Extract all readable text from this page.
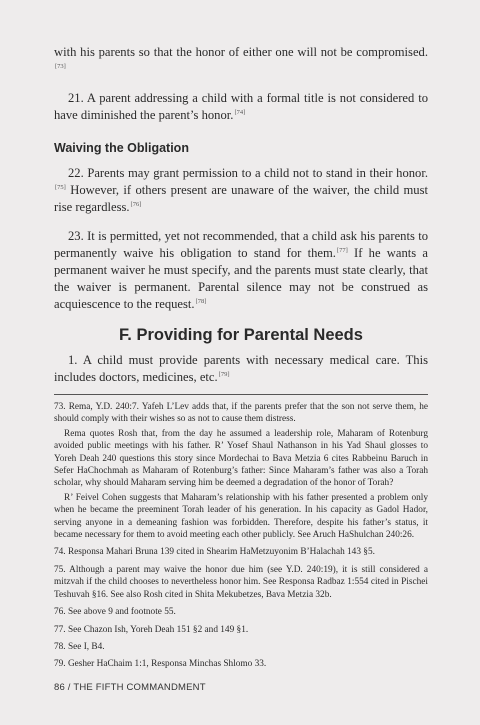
with his parents so that the honor of either one will not be compromised.[73]

21. A parent addressing a child with a formal title is not considered to have diminished the parent’s honor.[74]

Waiving the Obligation

22. Parents may grant permission to a child not to stand in their honor.[75] However, if others present are unaware of the waiver, the child must rise regardless.[76]

23. It is permitted, yet not recommended, that a child ask his parents to permanently waive his obligation to stand for them.[77] If he wants a permanent waiver he must specify, and the parents must state clearly, that the waiver is permanent. Parental silence may not be construed as acquiescence to the request.[78]

F. Providing for Parental Needs

1. A child must provide parents with necessary medical care. This includes doctors, medicines, etc.[79]

73. Rema, Y.D. 240:7. Yafeh L’Lev adds that, if the parents prefer that the son not serve them, he should comply with their wishes so as not to cause them distress.

Rema quotes Rosh that, from the day he assumed a leadership role, Maharam of Rotenburg avoided public meetings with his father. R’ Yosef Shaul Nathanson in his Yad Shaul glosses to Yoreh Deah 240 questions this story since Mordechai to Bava Metzia 6 cites Rabbeinu Baruch in Sefer HaChochmah as Maharam of Rotenburg’s father: Since Maharam’s father was also a Torah scholar, why should Maharam serving him be deemed a degradation of the honor of Torah?

R’ Feivel Cohen suggests that Maharam’s relationship with his father presented a problem only when he became the preeminent Torah leader of his generation. In his capacity as Gadol Hador, serving anyone in a demeaning fashion was forbidden. Therefore, despite his father’s status, it became necessary for them to avoid meeting each other publicly. See Aruch HaShulchan 240:26.

74. Responsa Mahari Bruna 139 cited in Shearim HaMetzuyonim B’Halachah 143 §5.

75. Although a parent may waive the honor due him (see Y.D. 240:19), it is still considered a mitzvah if the child chooses to nevertheless honor him. See Responsa Radbaz 1:554 cited in Pischei Teshuvah §16. See also Rosh cited in Shita Mekubetzes, Bava Metzia 32b.

76. See above 9 and footnote 55.

77. See Chazon Ish, Yoreh Deah 151 §2 and 149 §1.

78. See I, B4.

79. Gesher HaChaim 1:1, Responsa Minchas Shlomo 33.

86 / THE FIFTH COMMANDMENT
